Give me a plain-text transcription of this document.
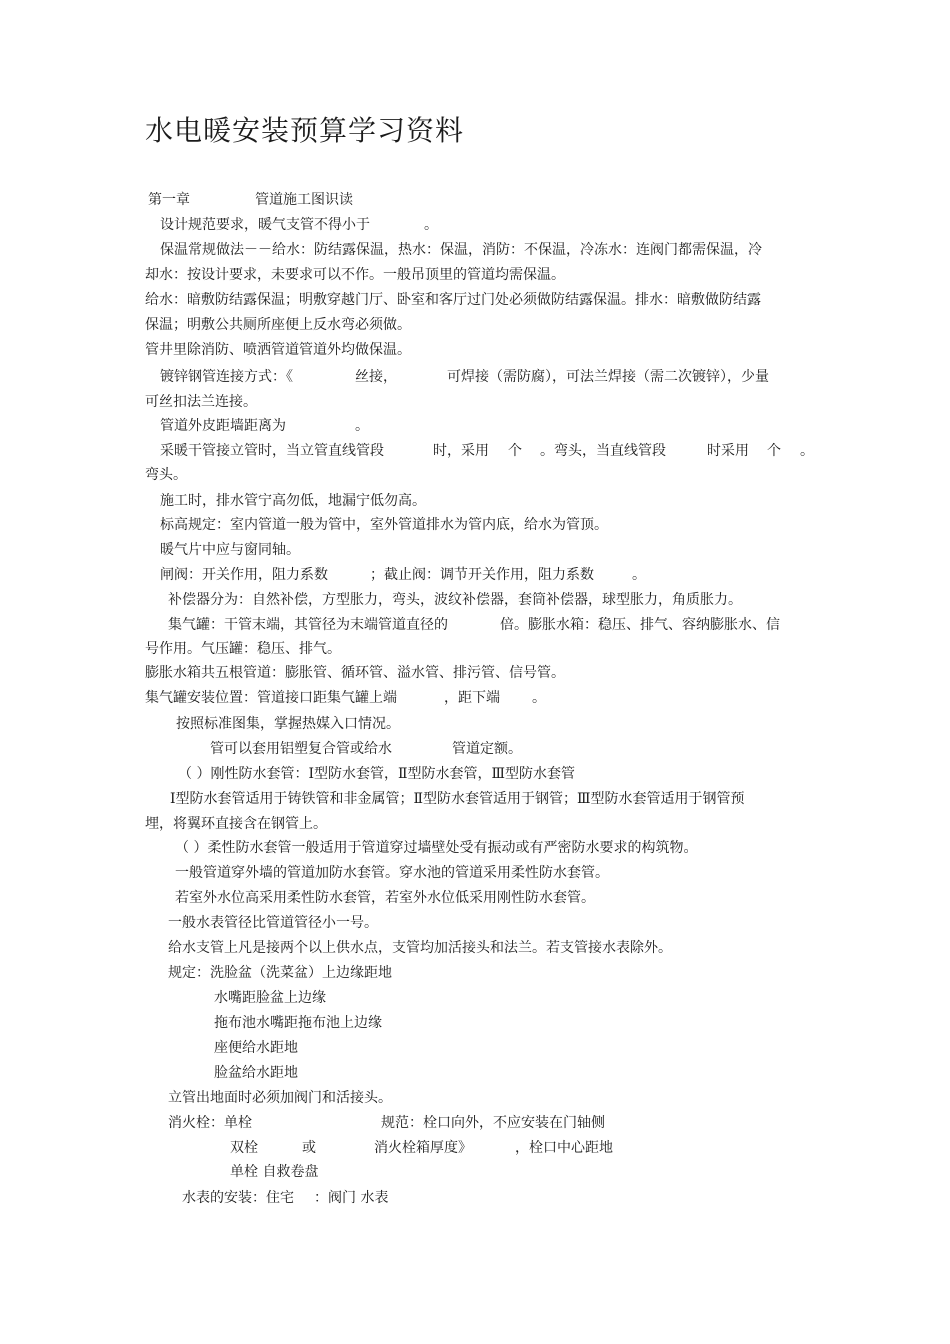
水电暖安装预算学习资料
第一章	管道施工图识读
设计规范要求，暖气支管不得小于	。
保温常规做法－－给水：防结露保温，热水：保温，消防：不保温，冷冻水：连阀门都需保温，冷
却水：按设计要求，未要求可以不作。一般吊顶里的管道均需保温。
给水：暗敷防结露保温；明敷穿越门厅、卧室和客厅过门处必须做防结露保温。排水：暗敷做防结露
保温；明敷公共厕所座便上反水弯必须做。
管井里除消防、喷洒管道管道外均做保温。
镀锌钢管连接方式：《	丝接，	可焊接（需防腐），可法兰焊接（需二次镀锌），少量
可丝扣法兰连接。
管道外皮距墙距离为	。
采暖干管接立管时，当立管直线管段	时，采用 个 。弯头，当直线管段	时采用 个 。
弯头。
施工时，排水管宁高勿低，地漏宁低勿高。
标高规定：室内管道一般为管中，室外管道排水为管内底，给水为管顶。
暖气片中应与窗同轴。
闸阀：开关作用，阻力系数	；截止阀：调节开关作用，阻力系数	。
补偿器分为：自然补偿，方型胀力，弯头，波纹补偿器，套筒补偿器，球型胀力，角质胀力。
集气罐：干管末端，其管径为末端管道直径的	倍。膨胀水箱：稳压、排气、容纳膨胀水、信
号作用。气压罐：稳压、排气。
膨胀水箱共五根管道：膨胀管、循环管、溢水管、排污管、信号管。
集气罐安装位置：管道接口距集气罐上端	，距下端 。
按照标准图集，掌握热媒入口情况。
管可以套用铝塑复合管或给水	管道定额。
（ ）刚性防水套管：Ⅰ型防水套管，Ⅱ型防水套管，Ⅲ型防水套管
Ⅰ型防水套管适用于铸铁管和非金属管；Ⅱ型防水套管适用于钢管；Ⅲ型防水套管适用于钢管预
埋，将翼环直接含在钢管上。
（ ）柔性防水套管一般适用于管道穿过墙壁处受有振动或有严密防水要求的构筑物。
一般管道穿外墙的管道加防水套管。穿水池的管道采用柔性防水套管。
若室外水位高采用柔性防水套管，若室外水位低采用刚性防水套管。
一般水表管径比管道管径小一号。
给水支管上凡是接两个以上供水点，支管均加活接头和法兰。若支管接水表除外。
规定：洗脸盆（洗菜盆）上边缘距地
水嘴距脸盆上边缘
拖布池水嘴距拖布池上边缘
座便给水距地
脸盆给水距地
立管出地面时必须加阀门和活接头。
消火栓：单栓	规范：栓口向外，不应安装在门轴侧
双栓	或	消火栓箱厚度》	，栓口中心距地
单栓 自救卷盘
水表的安装：住宅 ：阀门 水表
